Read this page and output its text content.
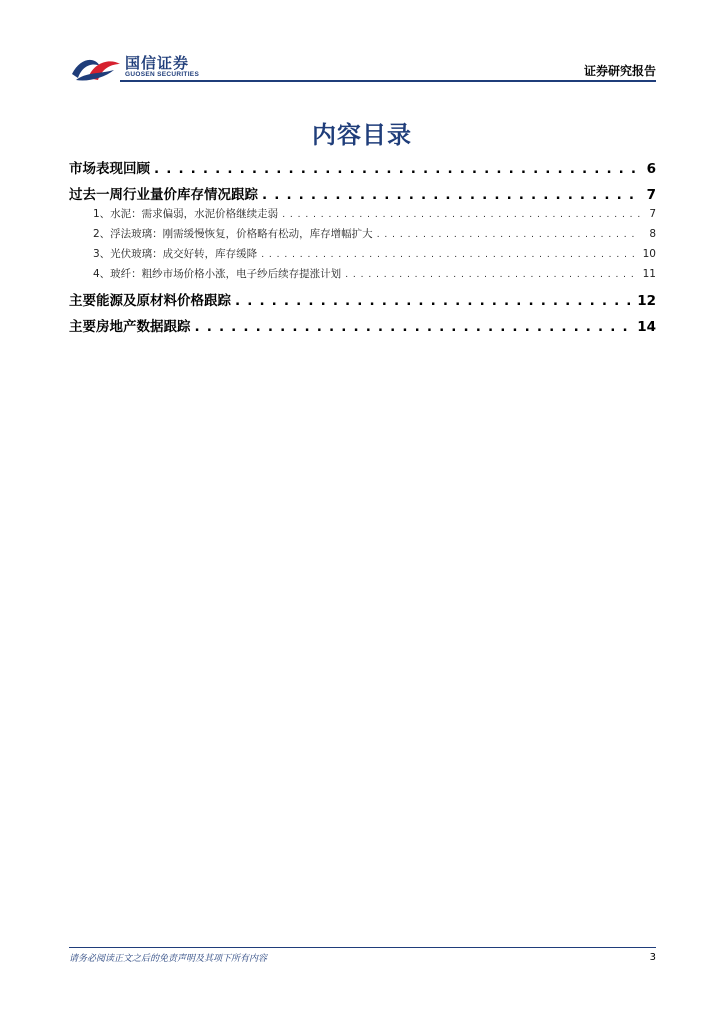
国信证券
GUOSEN SECURITIES	证券研究报告
内容目录
市场表现回顾 . . .	6
过去一周行业量价库存情况跟踪 . . .	7
1、水泥：需求偏弱，水泥价格继续走弱 . . .	7
2、浮法玻璃：刚需缓慢恢复，价格略有松动，库存增幅扩大 . . .	8
3、光伏玻璃：成交好转，库存缓降 . . .	10
4、玻纤：粗纱市场价格小涨，电子纱后续存提涨计划 . . .	11
主要能源及原材料价格跟踪 . . .	12
主要房地产数据跟踪 . . .	14
请务必阅读正文之后的免责声明及其项下所有内容	3
